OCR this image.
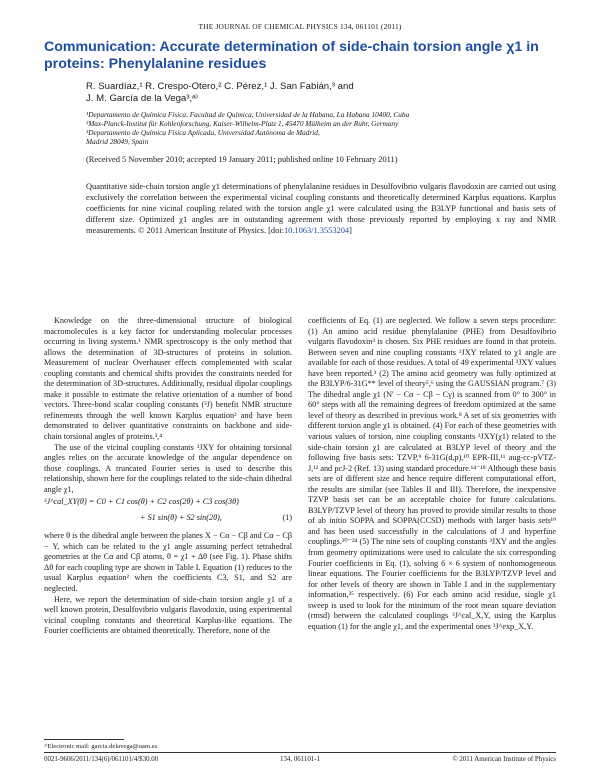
THE JOURNAL OF CHEMICAL PHYSICS 134, 061101 (2011)
Communication: Accurate determination of side-chain torsion angle χ1 in proteins: Phenylalanine residues
R. Suardíaz,¹ R. Crespo-Otero,² C. Pérez,¹ J. San Fabián,³ and
J. M. García de la Vega³,ᵃ⁾
¹Departamento de Química Física, Facultad de Química, Universidad de la Habana, La Habana 10400, Cuba
²Max-Planck-Institut für Kohlenforschung, Kaiser-Wilhelm-Platz 1, 45470 Mülheim an der Ruhr, Germany
³Departamento de Química Física Aplicada, Universidad Autónoma de Madrid,
Madrid 28049, Spain
(Received 5 November 2010; accepted 19 January 2011; published online 10 February 2011)
Quantitative side-chain torsion angle χ1 determinations of phenylalanine residues in Desulfovibrio vulgaris flavodoxin are carried out using exclusively the correlation between the experimental vicinal coupling constants and theoretically determined Karplus equations. Karplus coefficients for nine vicinal coupling related with the torsion angle χ1 were calculated using the B3LYP functional and basis sets of different size. Optimized χ1 angles are in outstanding agreement with those previously reported by employing x ray and NMR measurements. © 2011 American Institute of Physics. [doi:10.1063/1.3553204]

Knowledge on the three-dimensional structure of biological macromolecules is a key factor for understanding molecular processes occurring in living systems.¹ NMR spectroscopy is the only method that allows the determination of 3D-structures of proteins in solution. Measurement of nuclear Overhauser effects complemented with scalar coupling constants and chemical shifts provides the constraints needed for the determination of 3D-structures. Additionally, residual dipolar couplings make it possible to estimate the relative orientation of a number of bond vectors. Three-bond scalar coupling constants (³J) benefit NMR structure refinements through the well known Karplus equation² and have been demonstrated to deliver quantitative constraints on backbone and side-chain torsional angles of proteins.³,⁴

The use of the vicinal coupling constants ³JXY for obtaining torsional angles relies on the accurate knowledge of the angular dependence on those couplings. A truncated Fourier series is used to describe this relationship, shown here for the couplings related to the side-chain dihedral angle χ1,

³J^cal_XY(θ) = C0 + C1 cos(θ) + C2 cos(2θ) + C3 cos(3θ)
+ S1 sin(θ) + S2 sin(2θ),	(1)

where θ is the dihedral angle between the planes X − Cα − Cβ and Cα − Cβ − Y, which can be related to the χ1 angle assuming perfect tetrahedral geometries at the Cα and Cβ atoms, θ = χ1 + Δθ (see Fig. 1). Phase shifts Δθ for each coupling type are shown in Table I. Equation (1) reduces to the usual Karplus equation² when the coefficients C3, S1, and S2 are neglected.

Here, we report the determination of side-chain torsion angle χ1 of a well known protein, Desulfovibrio vulgaris flavodoxin, using experimental vicinal coupling constants and theoretical Karplus-like equations. The Fourier coefficients are obtained theoretically. Therefore, none of the

coefficients of Eq. (1) are neglected. We follow a seven steps procedure: (1) An amino acid residue phenylalanine (PHE) from Desulfovibrio vulgaris flavodoxin³ is chosen. Six PHE residues are found in that protein. Between seven and nine coupling constants ³JXY related to χ1 angle are available for each of those residues. A total of 49 experimental ³JXY values have been reported.³ (2) The amino acid geometry was fully optimized at the B3LYP/6-31G** level of theory⁵,⁶ using the GAUSSIAN program.⁷ (3) The dihedral angle χ1 (N′ − Cα − Cβ − Cγ) is scanned from 0° to 300° in 60° steps with all the remaining degrees of freedom optimized at the same level of theory as described in previous work.⁸ A set of six geometries with different torsion angle χ1 is obtained. (4) For each of these geometries with various values of torsion, nine coupling constants ³JXY(χ1) related to the side-chain torsion χ1 are calculated at B3LYP level of theory and the following five basis sets: TZVP,⁹ 6-31G(d,p),¹⁰ EPR-III,¹¹ aug-cc-pVTZ-J,¹² and pcJ-2 (Ref. 13) using standard procedure.¹⁴⁻¹⁸ Although these basis sets are of different size and hence require different computational effort, the results are similar (see Tables II and III). Therefore, the inexpensive TZVP basis set can be an acceptable choice for future calculations. B3LYP/TZVP level of theory has proved to provide similar results to those of ab initio SOPPA and SOPPA(CCSD) methods with larger basis sets¹⁹ and has been used successfully in the calculations of J and hyperfine couplings.²⁰⁻²⁴ (5) The nine sets of coupling constants ³JXY and the angles from geometry optimizations were used to calculate the six corresponding Fourier coefficients in Eq. (1), solving 6 × 6 system of nonhomogeneous linear equations. The Fourier coefficients for the B3LYP/TZVP level and for other levels of theory are shown in Table I and in the supplementary information,²⁵ respectively. (6) For each amino acid residue, single χ1 sweep is used to look for the minimum of the root mean square deviation (rmsd) between the calculated couplings ³J^cal_X,Y, using the Karplus equation (1) for the angle χ1, and the experimental ones ³J^exp_X,Y.

ᵃ⁾Electronic mail: garcia.delavega@uam.es.
0021-9606/2011/134(6)/061101/4/$30.00	134, 061101-1	© 2011 American Institute of Physics
